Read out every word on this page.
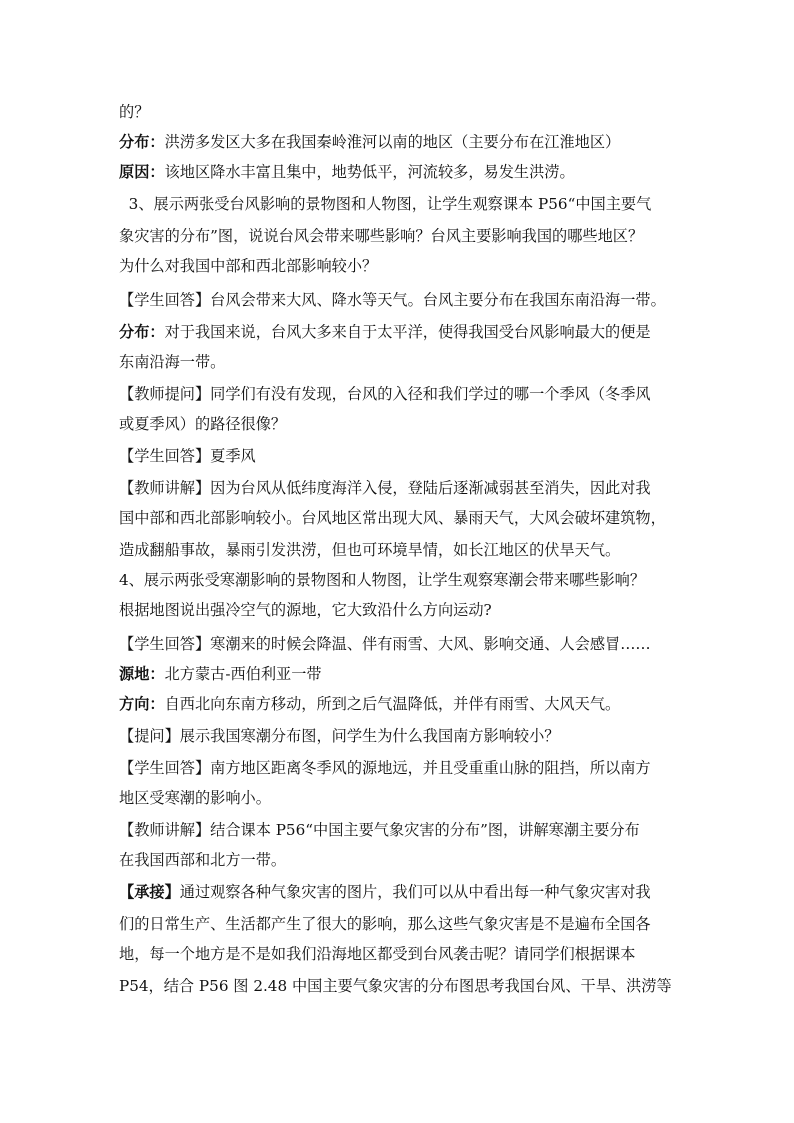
的？
分布：洪涝多发区大多在我国秦岭淮河以南的地区（主要分布在江淮地区）
原因：该地区降水丰富且集中，地势低平，河流较多，易发生洪涝。
3、展示两张受台风影响的景物图和人物图，让学生观察课本 P56“中国主要气
象灾害的分布”图，说说台风会带来哪些影响？台风主要影响我国的哪些地区？
为什么对我国中部和西北部影响较小？
【学生回答】台风会带来大风、降水等天气。台风主要分布在我国东南沿海一带。
分布：对于我国来说，台风大多来自于太平洋，使得我国受台风影响最大的便是
东南沿海一带。
【教师提问】同学们有没有发现，台风的入径和我们学过的哪一个季风（冬季风
或夏季风）的路径很像？
【学生回答】夏季风
【教师讲解】因为台风从低纬度海洋入侵，登陆后逐渐减弱甚至消失，因此对我
国中部和西北部影响较小。台风地区常出现大风、暴雨天气，大风会破坏建筑物，
造成翻船事故，暴雨引发洪涝，但也可环境旱情，如长江地区的伏旱天气。
4、展示两张受寒潮影响的景物图和人物图，让学生观察寒潮会带来哪些影响？
根据地图说出强冷空气的源地，它大致沿什么方向运动?
【学生回答】寒潮来的时候会降温、伴有雨雪、大风、影响交通、人会感冒……
源地：北方蒙古-西伯利亚一带
方向：自西北向东南方移动，所到之后气温降低，并伴有雨雪、大风天气。
【提问】展示我国寒潮分布图，问学生为什么我国南方影响较小？
【学生回答】南方地区距离冬季风的源地远，并且受重重山脉的阻挡，所以南方
地区受寒潮的影响小。
【教师讲解】结合课本 P56“中国主要气象灾害的分布”图，讲解寒潮主要分布
在我国西部和北方一带。
【承接】通过观察各种气象灾害的图片，我们可以从中看出每一种气象灾害对我
们的日常生产、生活都产生了很大的影响，那么这些气象灾害是不是遍布全国各
地，每一个地方是不是如我们沿海地区都受到台风袭击呢？请同学们根据课本
P54，结合 P56 图 2.48 中国主要气象灾害的分布图思考我国台风、干旱、洪涝等
